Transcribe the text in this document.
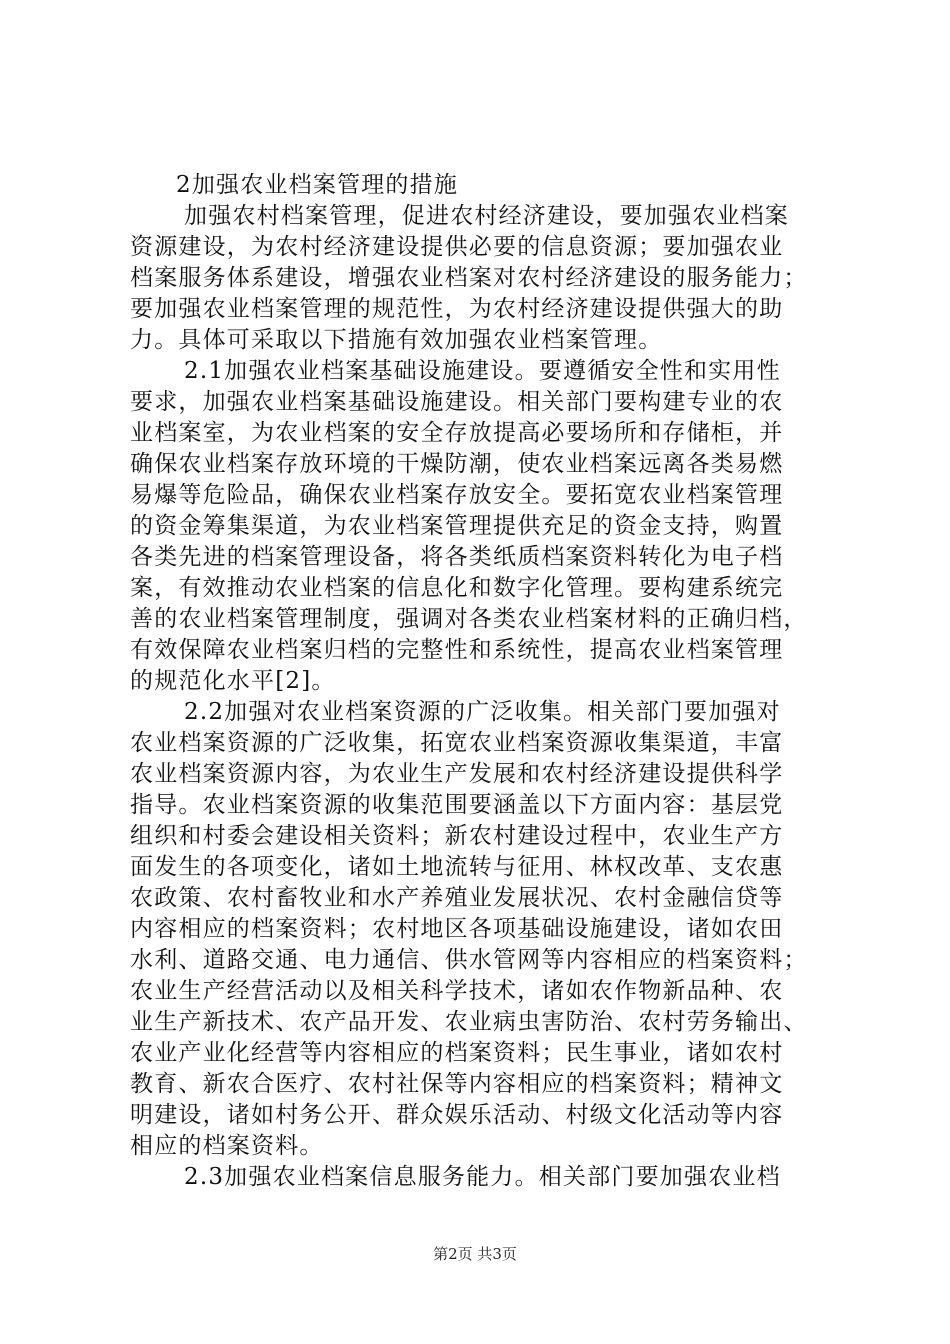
2加强农业档案管理的措施
加强农村档案管理，促进农村经济建设，要加强农业档案
资源建设，为农村经济建设提供必要的信息资源；要加强农业
档案服务体系建设，增强农业档案对农村经济建设的服务能力；
要加强农业档案管理的规范性，为农村经济建设提供强大的助
力。具体可采取以下措施有效加强农业档案管理。
2.1加强农业档案基础设施建设。要遵循安全性和实用性
要求，加强农业档案基础设施建设。相关部门要构建专业的农
业档案室，为农业档案的安全存放提高必要场所和存储柜，并
确保农业档案存放环境的干燥防潮，使农业档案远离各类易燃
易爆等危险品，确保农业档案存放安全。要拓宽农业档案管理
的资金筹集渠道，为农业档案管理提供充足的资金支持，购置
各类先进的档案管理设备，将各类纸质档案资料转化为电子档
案，有效推动农业档案的信息化和数字化管理。要构建系统完
善的农业档案管理制度，强调对各类农业档案材料的正确归档，
有效保障农业档案归档的完整性和系统性，提高农业档案管理
的规范化水平[2]。
2.2加强对农业档案资源的广泛收集。相关部门要加强对
农业档案资源的广泛收集，拓宽农业档案资源收集渠道，丰富
农业档案资源内容，为农业生产发展和农村经济建设提供科学
指导。农业档案资源的收集范围要涵盖以下方面内容：基层党
组织和村委会建设相关资料；新农村建设过程中，农业生产方
面发生的各项变化，诸如土地流转与征用、林权改革、支农惠
农政策、农村畜牧业和水产养殖业发展状况、农村金融信贷等
内容相应的档案资料；农村地区各项基础设施建设，诸如农田
水利、道路交通、电力通信、供水管网等内容相应的档案资料；
农业生产经营活动以及相关科学技术，诸如农作物新品种、农
业生产新技术、农产品开发、农业病虫害防治、农村劳务输出、
农业产业化经营等内容相应的档案资料；民生事业，诸如农村
教育、新农合医疗、农村社保等内容相应的档案资料；精神文
明建设，诸如村务公开、群众娱乐活动、村级文化活动等内容
相应的档案资料。
2.3加强农业档案信息服务能力。相关部门要加强农业档
第2页 共3页
